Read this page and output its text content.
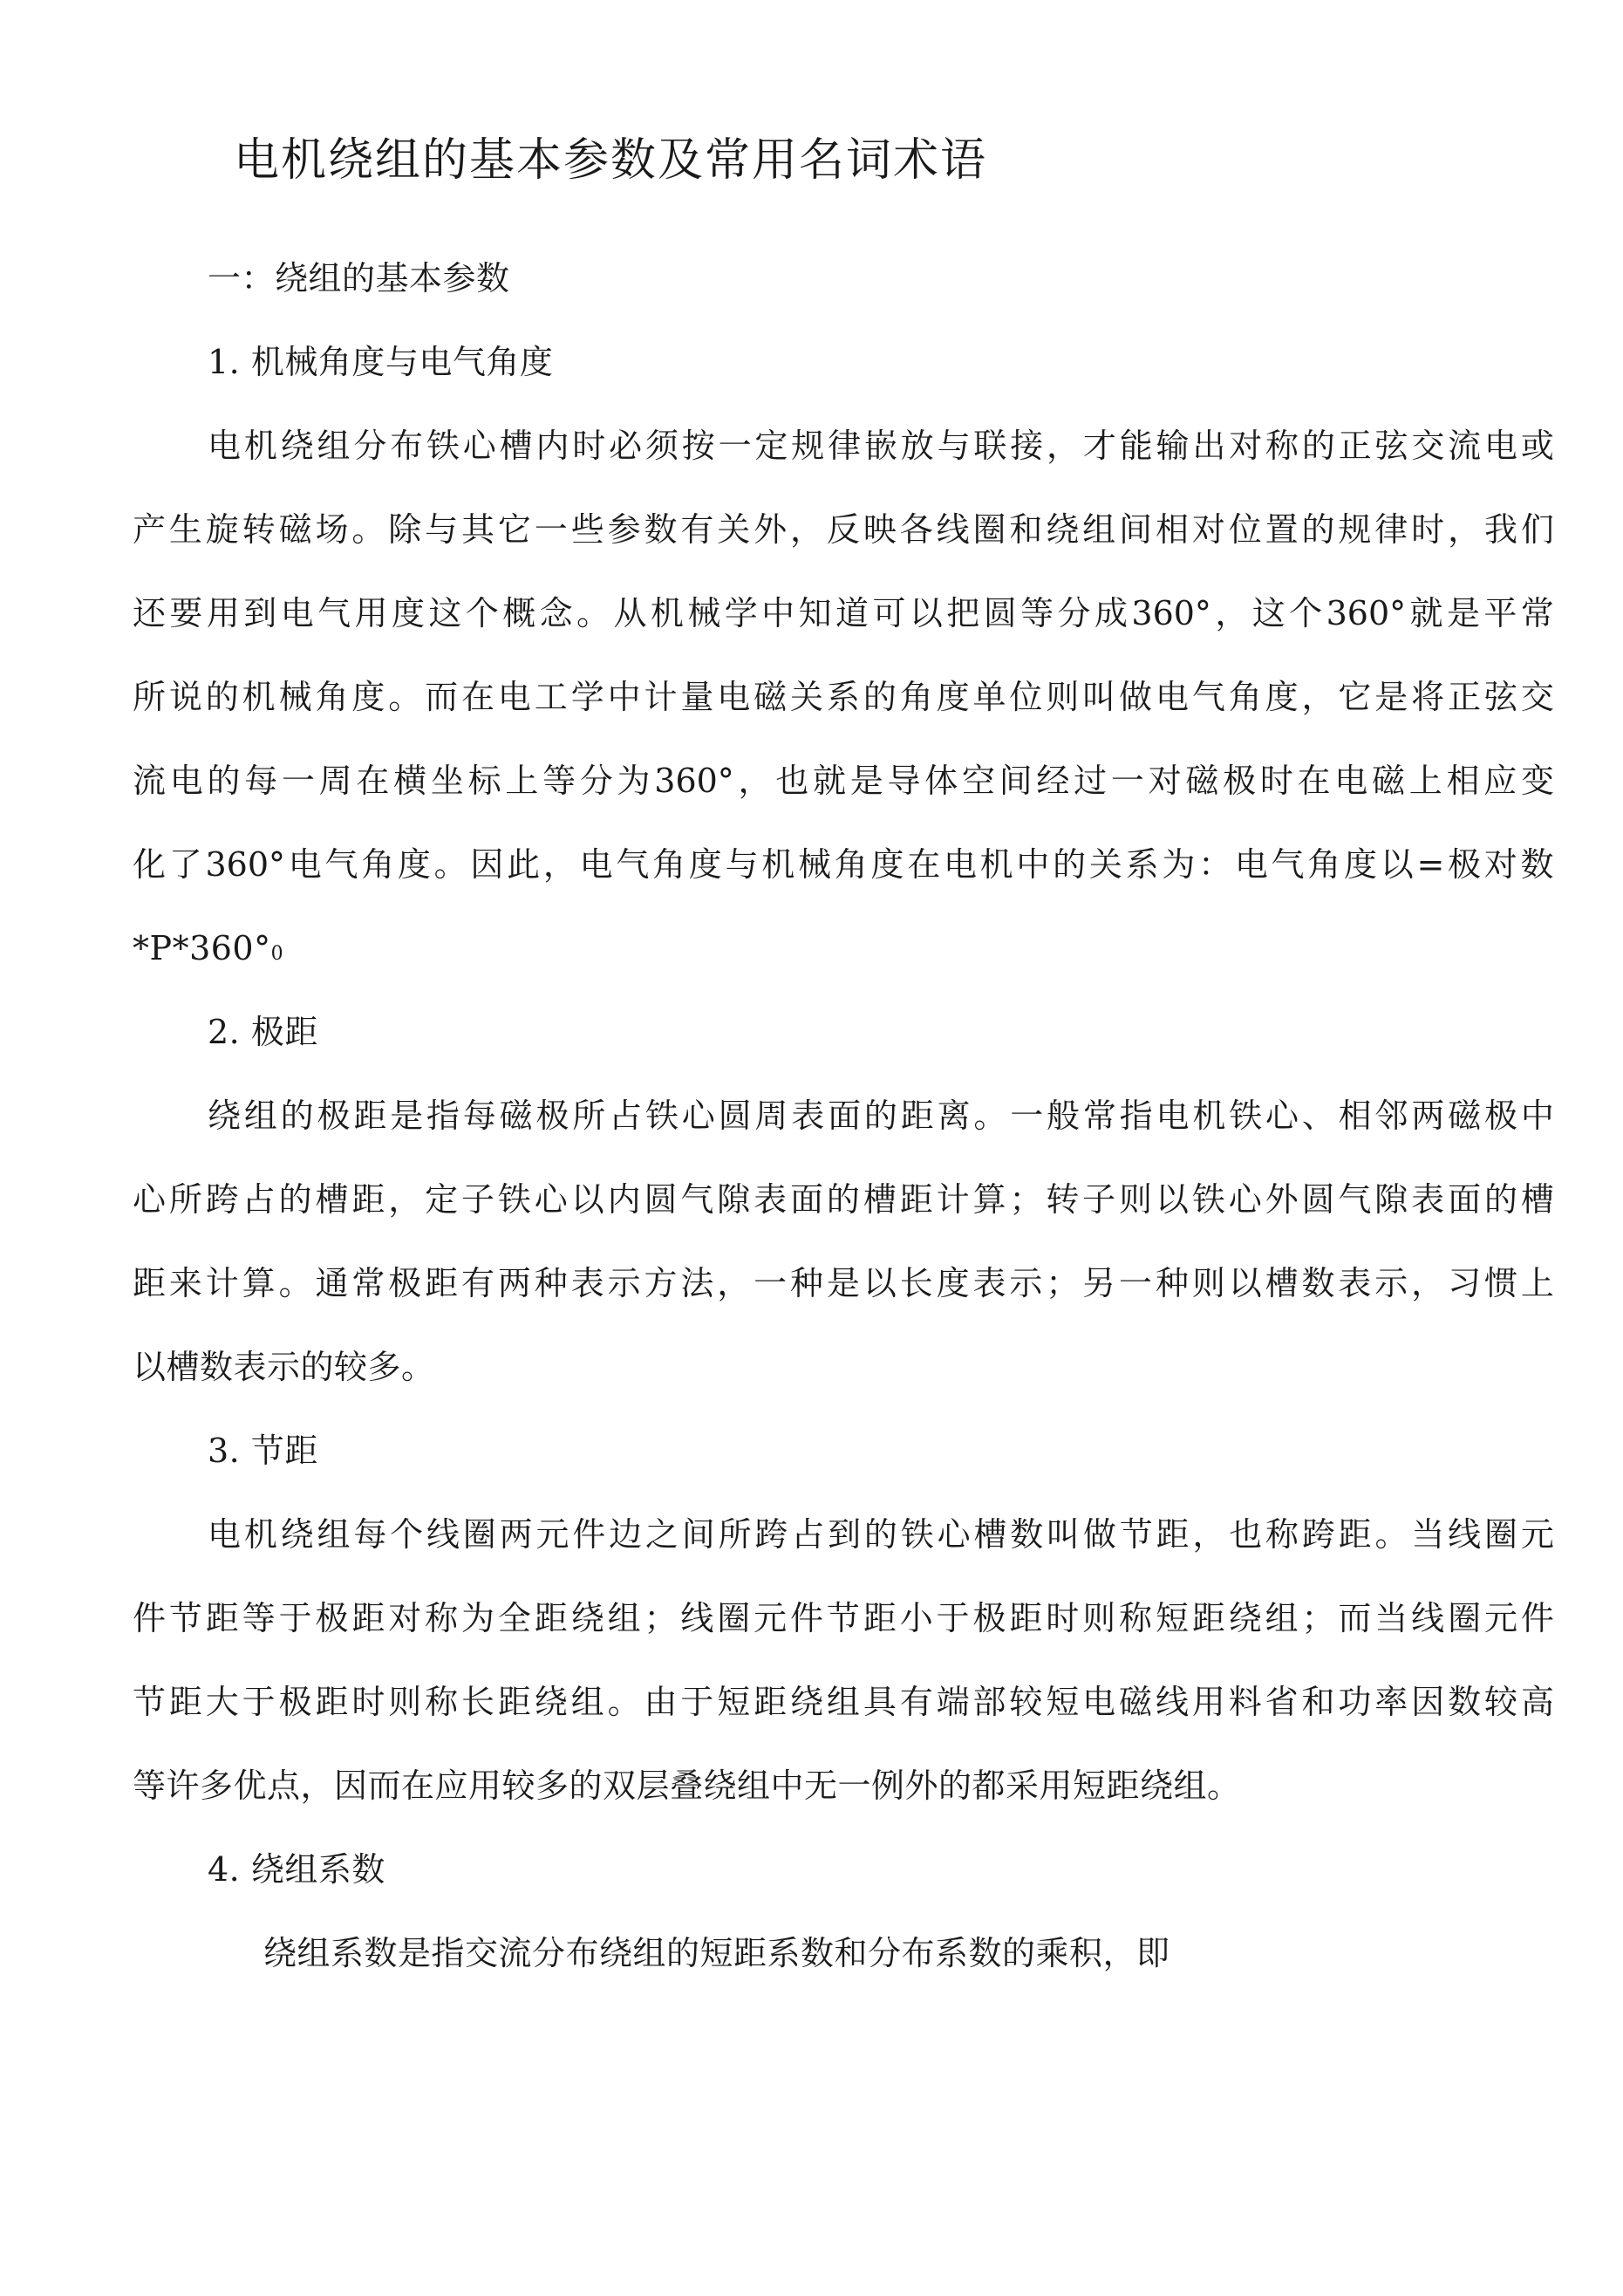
电机绕组的基本参数及常用名词术语
一：绕组的基本参数
1. 机械角度与电气角度
电 机 绕 组 分 布 铁 心 槽 内 时 必 须 按 一 定 规 律 嵌 放 与 联 接 ， 才 能 输 出 对 称 的 正 弦 交 流 电 或
产 生 旋 转 磁 场 。 除 与 其 它 一 些 参 数 有 关 外 ， 反 映 各 线 圈 和 绕 组 间 相 对 位 置 的 规 律 时 ， 我 们
还 要 用 到 电 气 用 度 这 个 概 念 。 从 机 械 学 中 知 道 可 以 把 圆 等 分 成 360° ， 这 个 360° 就 是 平 常
所 说 的 机 械 角 度 。 而 在 电 工 学 中 计 量 电 磁 关 系 的 角 度 单 位 则 叫 做 电 气 角 度 ， 它 是 将 正 弦 交
流 电 的 每 一 周 在 横 坐 标 上 等 分 为 360° ， 也 就 是 导 体 空 间 经 过 一 对 磁 极 时 在 电 磁 上 相 应 变
化 了 360° 电 气 角 度 。 因 此 ， 电 气 角 度 与 机 械 角 度 在 电 机 中 的 关 系 为 ： 电 气 角 度 以 = 极 对 数
*P*360°0
2. 极距
绕 组 的 极 距 是 指 每 磁 极 所 占 铁 心 圆 周 表 面 的 距 离 。 一 般 常 指 电 机 铁 心 、 相 邻 两 磁 极 中
心 所 跨 占 的 槽 距 ， 定 子 铁 心 以 内 圆 气 隙 表 面 的 槽 距 计 算 ； 转 子 则 以 铁 心 外 圆 气 隙 表 面 的 槽
距 来 计 算 。 通 常 极 距 有 两 种 表 示 方 法 ， 一 种 是 以 长 度 表 示 ； 另 一 种 则 以 槽 数 表 示 ， 习 惯 上
以槽数表示的较多。
3. 节距
电 机 绕 组 每 个 线 圈 两 元 件 边 之 间 所 跨 占 到 的 铁 心 槽 数 叫 做 节 距 ， 也 称 跨 距 。 当 线 圈 元
件 节 距 等 于 极 距 对 称 为 全 距 绕 组 ； 线 圈 元 件 节 距 小 于 极 距 时 则 称 短 距 绕 组 ； 而 当 线 圈 元 件
节 距 大 于 极 距 时 则 称 长 距 绕 组 。 由 于 短 距 绕 组 具 有 端 部 较 短 电 磁 线 用 料 省 和 功 率 因 数 较 高
等许多优点，因而在应用较多的双层叠绕组中无一例外的都采用短距绕组。
4. 绕组系数
绕组系数是指交流分布绕组的短距系数和分布系数的乘积，即
